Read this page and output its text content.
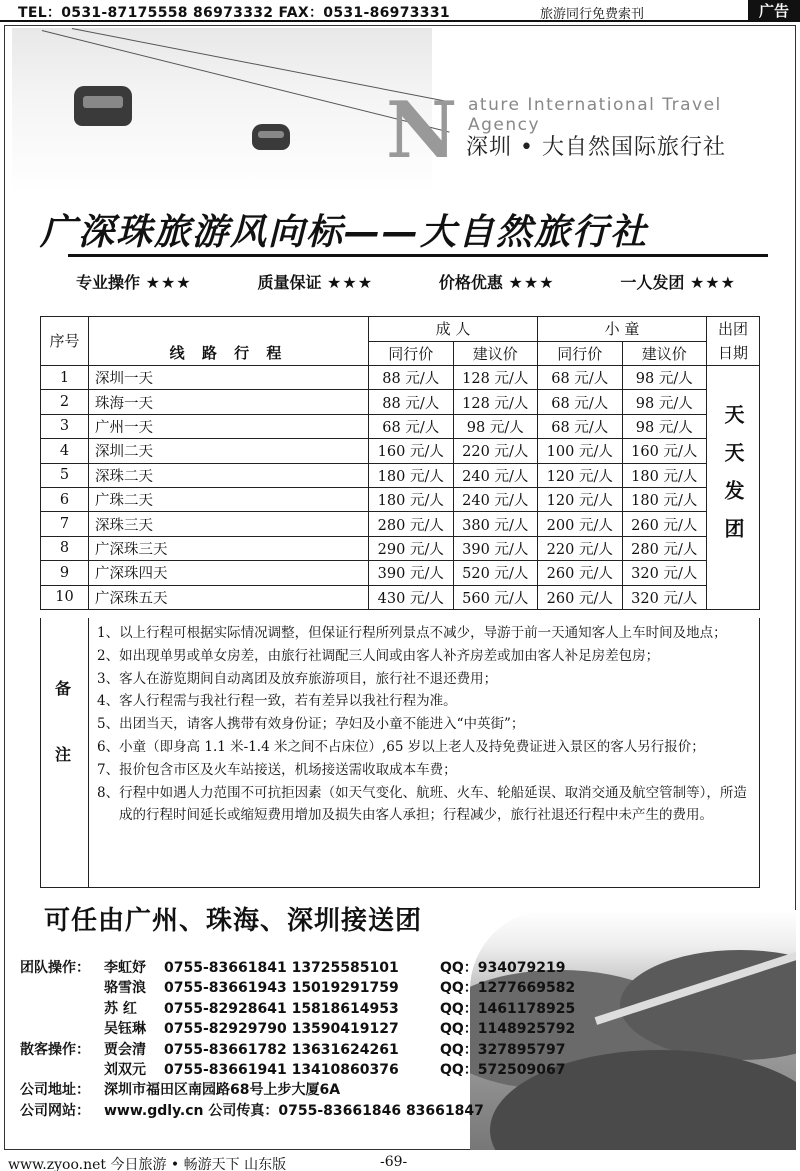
TEL：0531-87175558 86973332 FAX：0531-86973331	旅游同行免费索刊	广告
N ature International Travel Agency
深圳 • 大自然国际旅行社
广深珠旅游风向标——大自然旅行社
专业操作 ★★★	质量保证 ★★★	价格优惠 ★★★	一人发团 ★★★
序号	线 路 行 程	成 人		小 童		出团日期
		同行价	建议价	同行价	建议价	
1	深圳一天	88 元/人	128 元/人	68 元/人	98 元/人	天天发团
2	珠海一天	88 元/人	128 元/人	68 元/人	98 元/人	
3	广州一天	68 元/人	98 元/人	68 元/人	98 元/人	
4	深圳二天	160 元/人	220 元/人	100 元/人	160 元/人	
5	深珠二天	180 元/人	240 元/人	120 元/人	180 元/人	
6	广珠二天	180 元/人	240 元/人	120 元/人	180 元/人	
7	深珠三天	280 元/人	380 元/人	200 元/人	260 元/人	
8	广深珠三天	290 元/人	390 元/人	220 元/人	280 元/人	
9	广深珠四天	390 元/人	520 元/人	260 元/人	320 元/人	
10	广深珠五天	430 元/人	560 元/人	260 元/人	320 元/人	
备
注
1、以上行程可根据实际情况调整，但保证行程所列景点不减少，导游于前一天通知客人上车时间及地点；
2、如出现单男或单女房差，由旅行社调配三人间或由客人补齐房差或加由客人补足房差包房；
3、客人在游览期间自动离团及放弃旅游项目，旅行社不退还费用；
4、客人行程需与我社行程一致，若有差异以我社行程为准。
5、出团当天，请客人携带有效身份证；孕妇及小童不能进入“中英街”；
6、小童（即身高 1.1 米-1.4 米之间不占床位）,65 岁以上老人及持免费证进入景区的客人另行报价；
7、报价包含市区及火车站接送，机场接送需收取成本车费；
8、行程中如遇人力范围不可抗拒因素（如天气变化、航班、火车、轮船延误、取消交通及航空管制等），所造成的行程时间延长或缩短费用增加及损失由客人承担；行程减少，旅行社退还行程中未产生的费用。
可任由广州、珠海、深圳接送团
团队操作：	李虹妤	0755-83661841 13725585101	QQ：934079219
骆雪浪	0755-83661943 15019291759	QQ：1277669582
苏 红	0755-82928641 15818614953	QQ：1461178925
吴钰琳	0755-82929790 13590419127	QQ：1148925792
散客操作：	贾会清	0755-83661782 13631624261	QQ：327895797
刘双元	0755-83661941 13410860376	QQ：572509067
公司地址：	深圳市福田区南园路68号上步大厦6A
公司网站：	www.gdly.cn 公司传真：0755-83661846 83661847
www.zyoo.net 今日旅游 • 畅游天下 山东版	-69-
